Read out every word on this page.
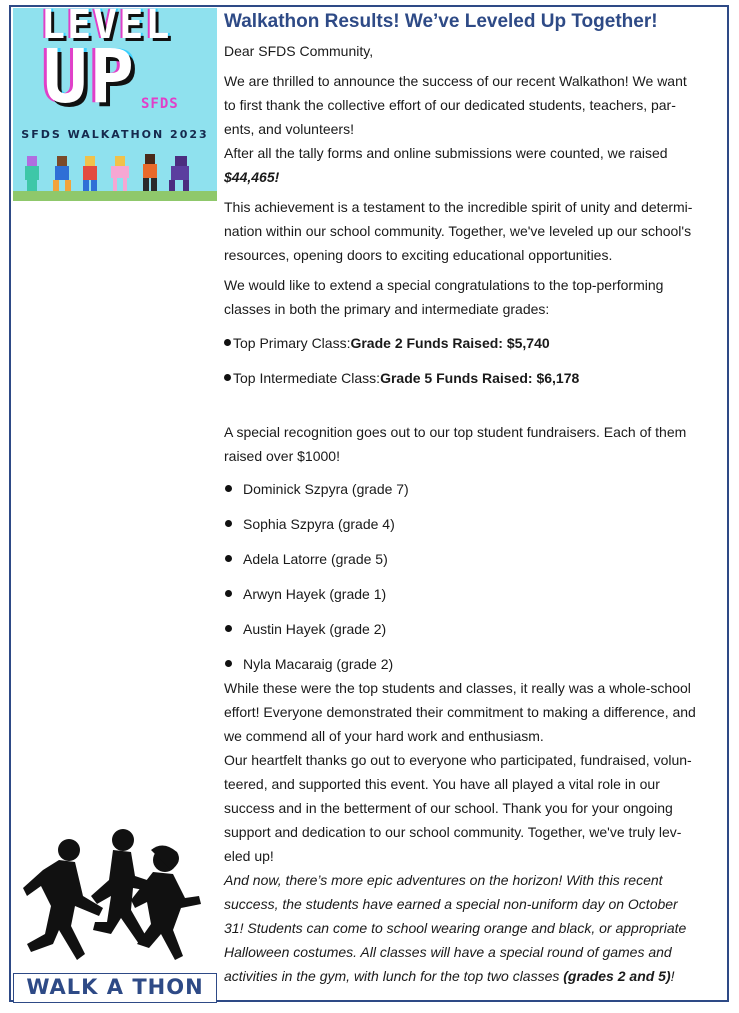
LEVEL
UP SFDS
SFDS WALKATHON 2023
WALK A THON
Walkathon Results! We’ve Leveled Up Together!

Dear SFDS Community,

We are thrilled to announce the success of our recent Walkathon! We want
to first thank the collective effort of our dedicated students, teachers, par-
ents, and volunteers!
After all the tally forms and online submissions were counted, we raised
$44,465!
This achievement is a testament to the incredible spirit of unity and determi-
nation within our school community. Together, we've leveled up our school's
resources, opening doors to exciting educational opportunities.
We would like to extend a special congratulations to the top-performing
classes in both the primary and intermediate grades:
Top Primary Class: Grade 2 Funds Raised: $5,740
Top Intermediate Class: Grade 5 Funds Raised: $6,178
A special recognition goes out to our top student fundraisers. Each of them
raised over $1000!
Dominick Szpyra (grade 7)
Sophia Szpyra (grade 4)
Adela Latorre (grade 5)
Arwyn Hayek (grade 1)
Austin Hayek (grade 2)
Nyla Macaraig (grade 2)
While these were the top students and classes, it really was a whole-school
effort! Everyone demonstrated their commitment to making a difference, and
we commend all of your hard work and enthusiasm.
Our heartfelt thanks go out to everyone who participated, fundraised, volun-
teered, and supported this event. You have all played a vital role in our
success and in the betterment of our school. Thank you for your ongoing
support and dedication to our school community. Together, we've truly lev-
eled up!
And now, there’s more epic adventures on the horizon! With this recent
success, the students have earned a special non-uniform day on October
31! Students can come to school wearing orange and black, or appropriate
Halloween costumes. All classes will have a special round of games and
activities in the gym, with lunch for the top two classes (grades 2 and 5)!
